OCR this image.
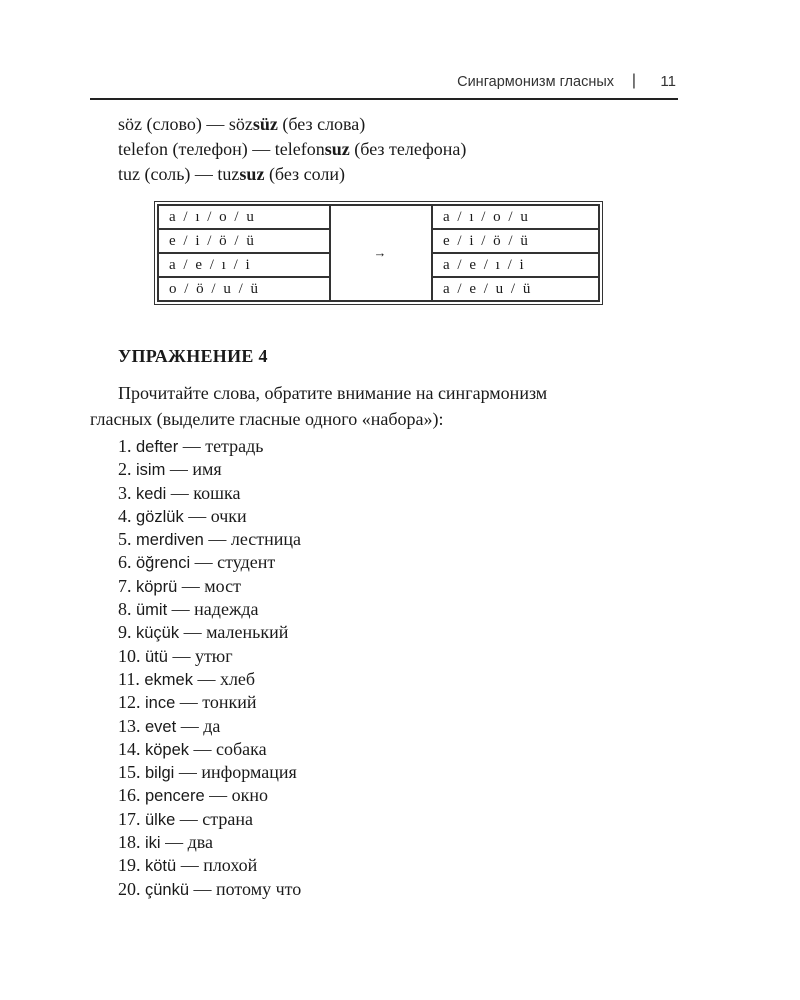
Сингармонизм гласных | 11
söz (слово) — sözsüz (без слова)
telefon (телефон) — telefonsuz (без телефона)
tuz (соль) — tuzsuz (без соли)
a / ı / o / u	→	a / ı / o / u
e / i / ö / ü		e / i / ö / ü
a / e / ı / i		a / e / ı / i
o / ö / u / ü		a / e / u / ü
УПРАЖНЕНИЕ 4
Прочитайте слова, обратите внимание на сингармонизм
гласных (выделите гласные одного «набора»):
1. defter — тетрадь
2. isim — имя
3. kedi — кошка
4. gözlük — очки
5. merdiven — лестница
6. öğrenci — студент
7. köprü — мост
8. ümit — надежда
9. küçük — маленький
10. ütü — утюг
11. ekmek — хлеб
12. ince — тонкий
13. evet — да
14. köpek — собака
15. bilgi — информация
16. pencere — окно
17. ülke — страна
18. iki — два
19. kötü — плохой
20. çünkü — потому что
